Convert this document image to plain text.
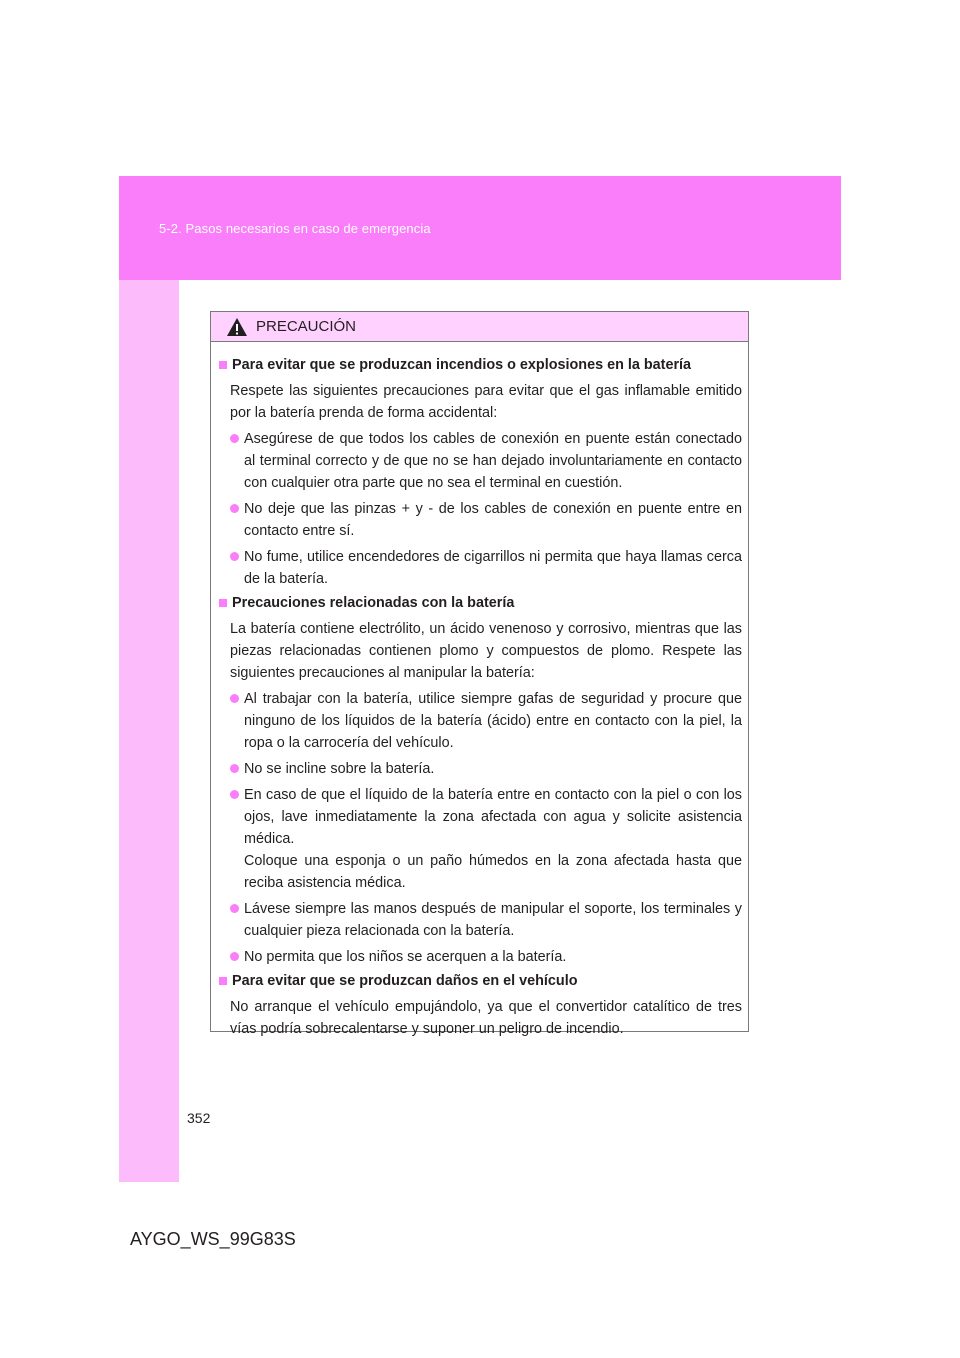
5-2. Pasos necesarios en caso de emergencia
PRECAUCIÓN
Para evitar que se produzcan incendios o explosiones en la batería
Respete las siguientes precauciones para evitar que el gas inflamable emitido por la batería prenda de forma accidental:
Asegúrese de que todos los cables de conexión en puente están conectado al terminal correcto y de que no se han dejado involuntariamente en contacto con cualquier otra parte que no sea el terminal en cuestión.
No deje que las pinzas + y - de los cables de conexión en puente entre en contacto entre sí.
No fume, utilice encendedores de cigarrillos ni permita que haya llamas cerca de la batería.
Precauciones relacionadas con la batería
La batería contiene electrólito, un ácido venenoso y corrosivo, mientras que las piezas relacionadas contienen plomo y compuestos de plomo. Respete las siguientes precauciones al manipular la batería:
Al trabajar con la batería, utilice siempre gafas de seguridad y procure que ninguno de los líquidos de la batería (ácido) entre en contacto con la piel, la ropa o la carrocería del vehículo.
No se incline sobre la batería.
En caso de que el líquido de la batería entre en contacto con la piel o con los ojos, lave inmediatamente la zona afectada con agua y solicite asistencia médica.
Coloque una esponja o un paño húmedos en la zona afectada hasta que reciba asistencia médica.
Lávese siempre las manos después de manipular el soporte, los terminales y cualquier pieza relacionada con la batería.
No permita que los niños se acerquen a la batería.
Para evitar que se produzcan daños en el vehículo
No arranque el vehículo empujándolo, ya que el convertidor catalítico de tres vías podría sobrecalentarse y suponer un peligro de incendio.
352
AYGO_WS_99G83S
